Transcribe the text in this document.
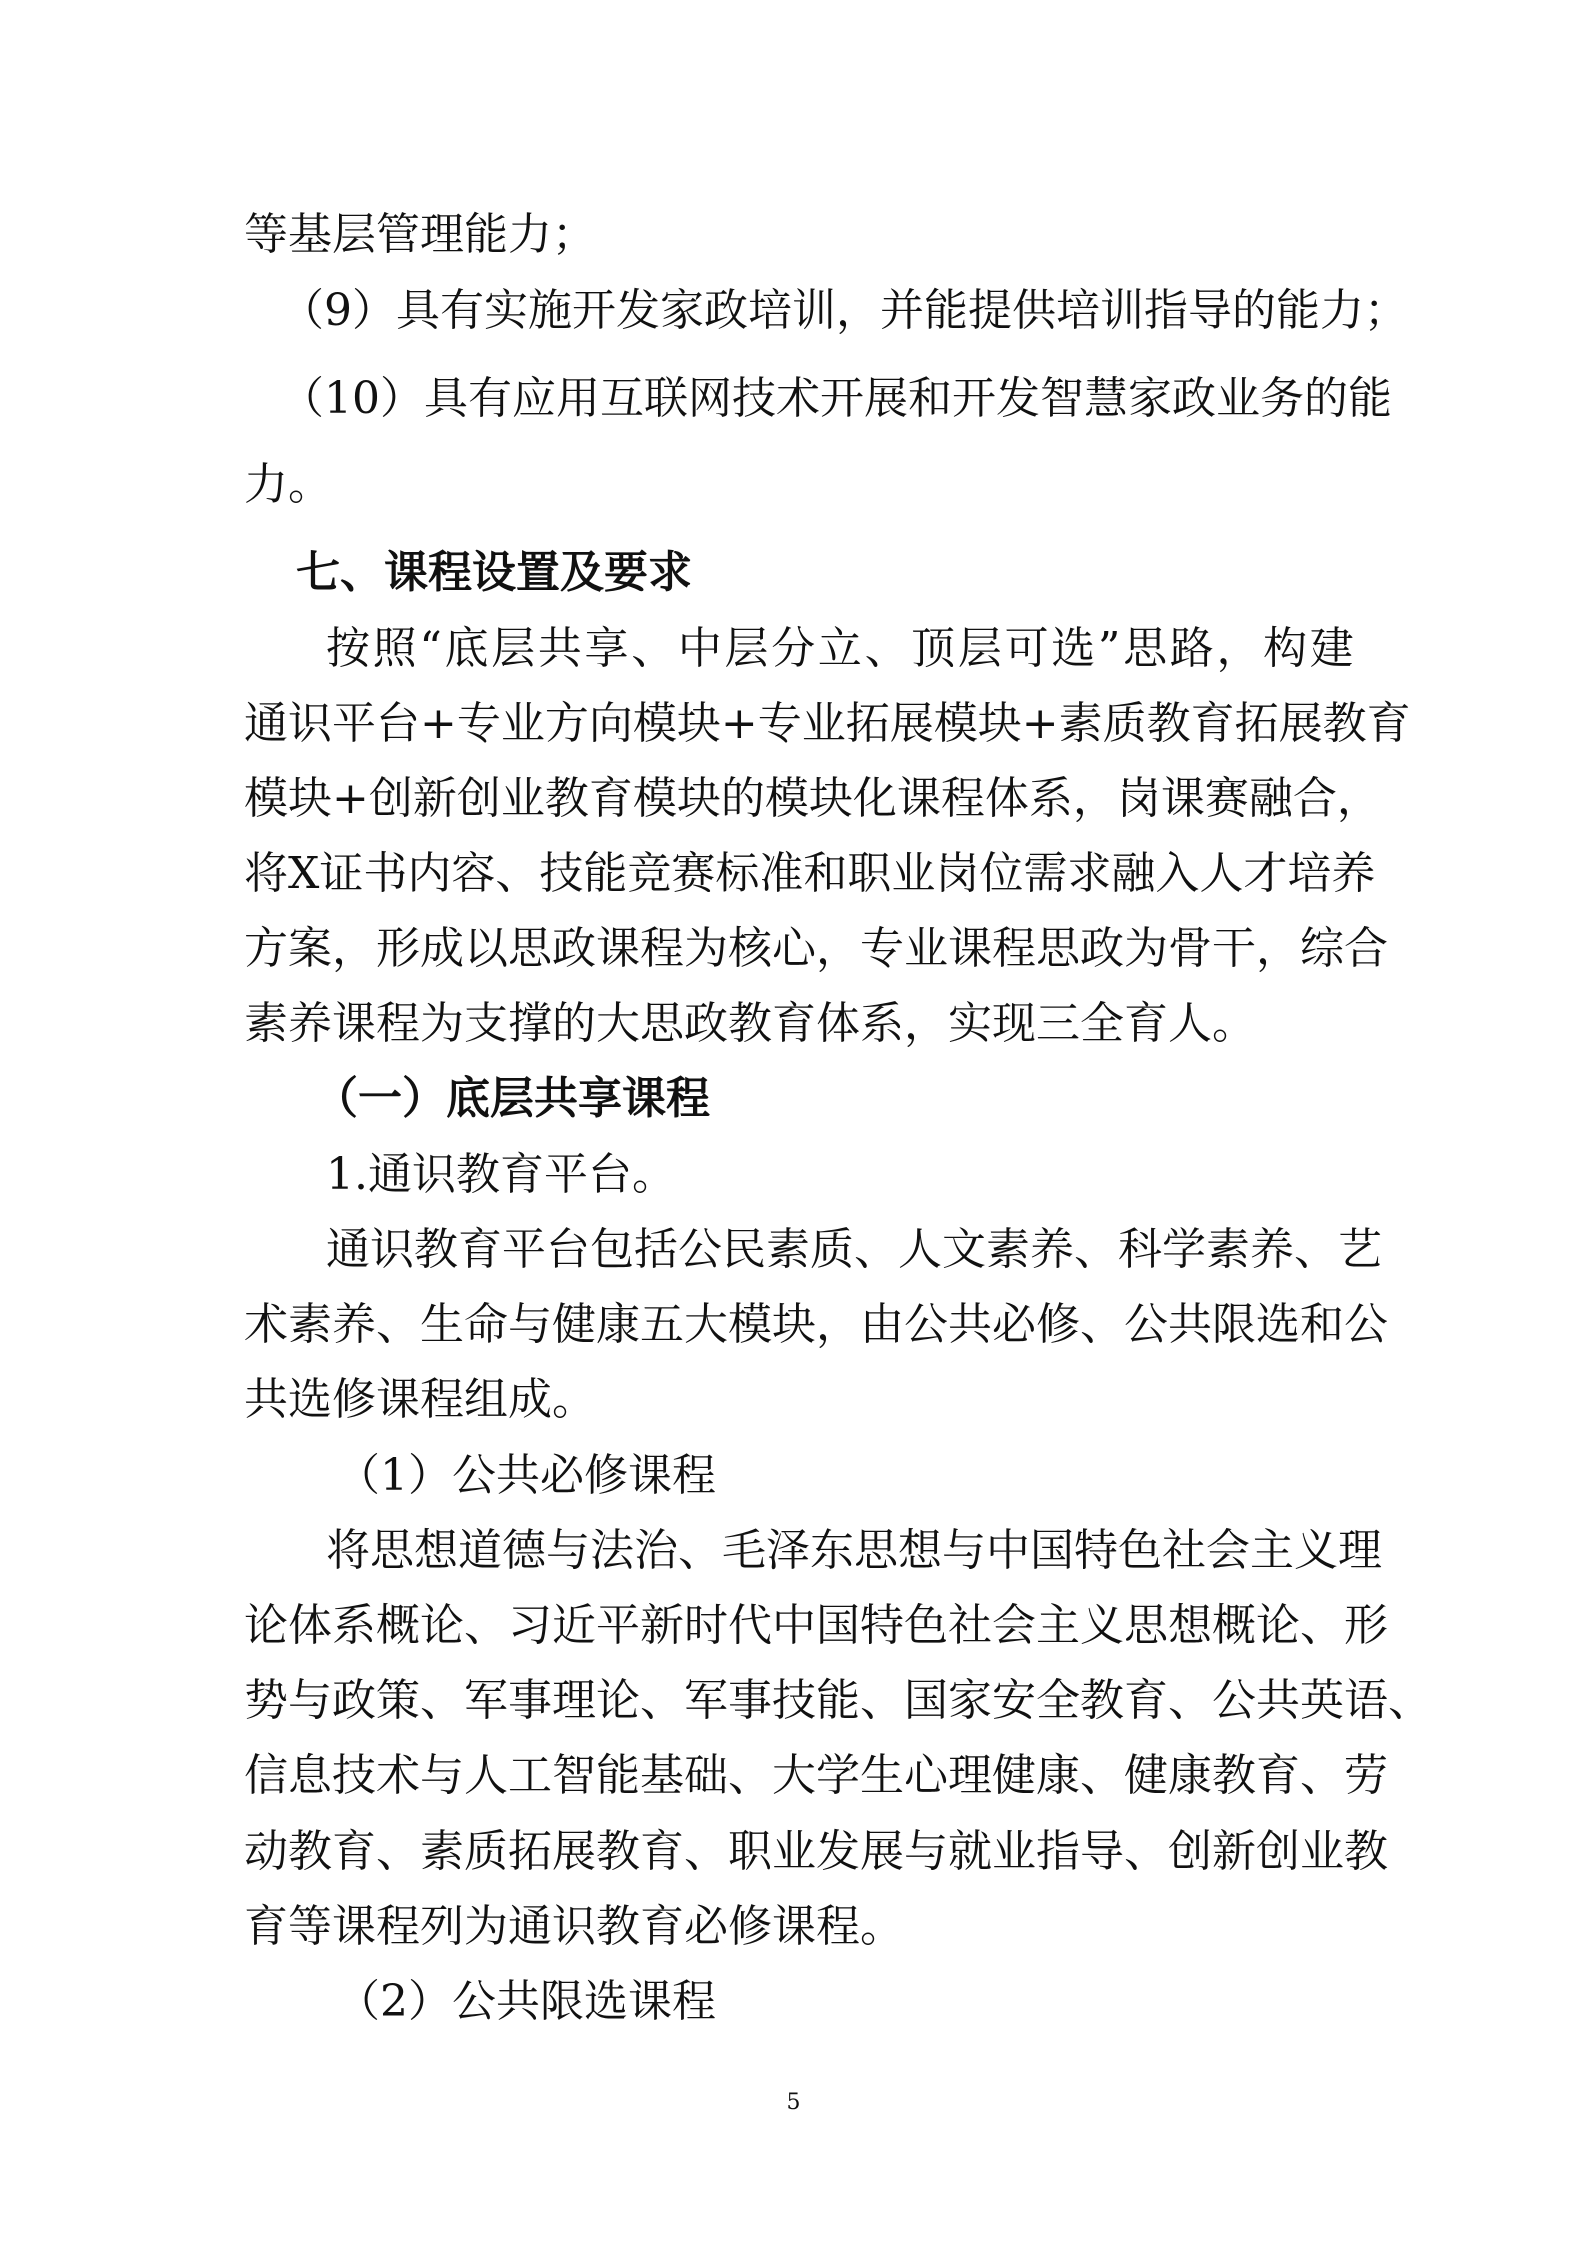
等基层管理能力；
（ 9 ） 具 有 实 施 开 发 家 政 培 训 ， 并 能 提 供 培 训 指 导 的 能 力 ；
（ 10 ） 具 有 应 用 互 联 网 技 术 开 展 和 开 发 智 慧 家 政 业 务 的 能
力。
七、课程设置及要求
按 照 “ 底 层 共 享 、 中 层 分 立 、 顶 层 可 选 ” 思 路 ， 构 建
通 识 平 台 + 专 业 方 向 模 块 + 专 业 拓 展 模 块 + 素 质 教 育 拓 展 教 育
模 块 + 创 新 创 业 教 育 模 块 的 模 块 化 课 程 体 系 ， 岗 课 赛 融 合 ，
将 X 证 书 内 容 、 技 能 竞 赛 标 准 和 职 业 岗 位 需 求 融 入 人 才 培 养
方 案 ， 形 成 以 思 政 课 程 为 核 心 ， 专 业 课 程 思 政 为 骨 干 ， 综 合
素养课程为支撑的大思政教育体系，实现三全育人。
（一）底层共享课程
1.通识教育平台。
通 识 教 育 平 台 包 括 公 民 素 质 、 人 文 素 养 、 科 学 素 养 、 艺
术 素 养 、 生 命 与 健 康 五 大 模 块 ， 由 公 共 必 修 、 公 共 限 选 和 公
共选修课程组成。
（1）公共必修课程
将 思 想 道 德 与 法 治 、 毛 泽 东 思 想 与 中 国 特 色 社 会 主 义 理
论 体 系 概 论 、 习 近 平 新 时 代 中 国 特 色 社 会 主 义 思 想 概 论 、 形
势 与 政 策 、 军 事 理 论 、 军 事 技 能 、 国 家 安 全 教 育 、 公 共 英 语 、
信 息 技 术 与 人 工 智 能 基 础 、 大 学 生 心 理 健 康 、 健 康 教 育 、 劳
动 教 育 、 素 质 拓 展 教 育 、 职 业 发 展 与 就 业 指 导 、 创 新 创 业 教
育等课程列为通识教育必修课程。
（2）公共限选课程
5
